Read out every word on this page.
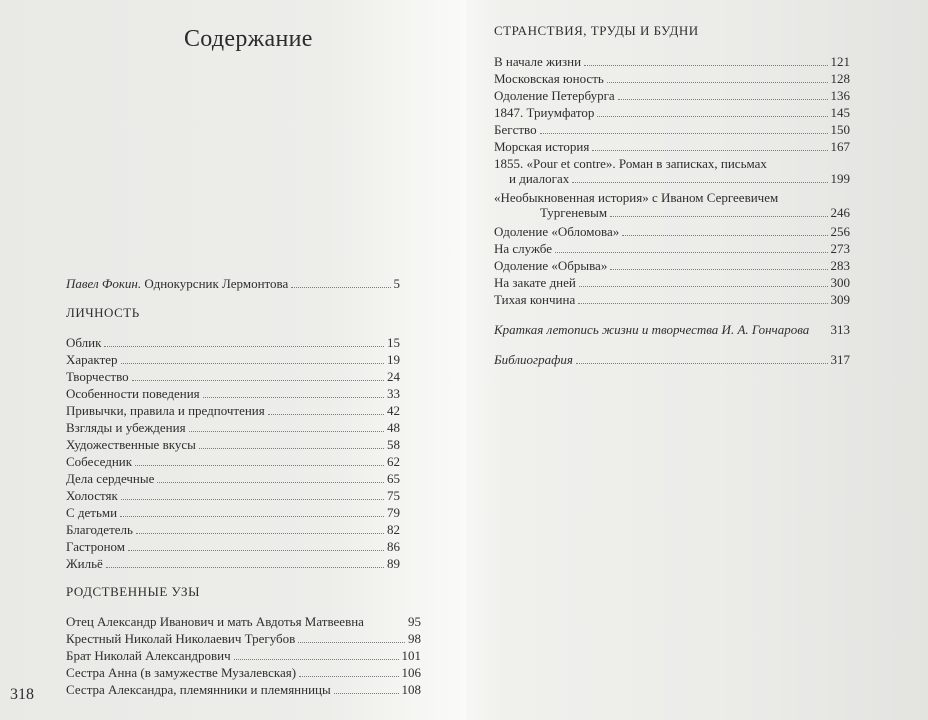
Содержание
Павел Фокин. Однокурсник Лермонтова	5
ЛИЧНОСТЬ
Облик	15
Характер	19
Творчество	24
Особенности поведения	33
Привычки, правила и предпочтения	42
Взгляды и убеждения	48
Художественные вкусы	58
Собеседник	62
Дела сердечные	65
Холостяк	75
С детьми	79
Благодетель	82
Гастроном	86
Жильё	89
РОДСТВЕННЫЕ УЗЫ
Отец Александр Иванович и мать Авдотья Матвеевна	95
Крестный Николай Николаевич Трегубов	98
Брат Николай Александрович	101
Сестра Анна (в замужестве Музалевская)	106
Сестра Александра, племянники и племянницы	108
318
СТРАНСТВИЯ, ТРУДЫ И БУДНИ
В начале жизни	121
Московская юность	128
Одоление Петербурга	136
1847. Триумфатор	145
Бегство	150
Морская история	167
1855. «Pour et contre». Роман в записках, письмах
и диалогах	199
«Необыкновенная история» с Иваном Сергеевичем
Тургеневым	246
Одоление «Обломова»	256
На службе	273
Одоление «Обрыва»	283
На закате дней	300
Тихая кончина	309
Краткая летопись жизни и творчества И. А. Гончарова 313
Библиография	317
